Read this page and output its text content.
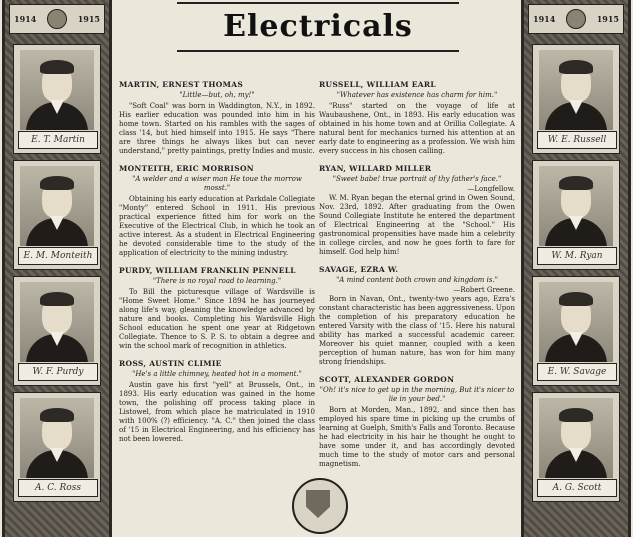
1914	1915
E. T. Martin
E. M. Monteith
W. F. Purdy
A. C. Ross
Electricals
MARTIN, ERNEST THOMAS
"Little—but, oh, my!"
"Soft Coal" was born in Waddington, N.Y., in 1892. His earlier education was pounded into him in his home town. Started on his rambles with the sages of class '14, but hied himself into 1915. He says "There are three things he always likes but can never understand," pretty paintings, pretty Indies and music.
MONTEITH, ERIC MORRISON
"A welder and a wiser man He toue the morrow mosst."
Obtaining his early education at Parkdale Collegiate "Monty" entered School in 1911. His previous practical experience fitted him for work on the Executive of the Electrical Club, in which he took an active interest. As a student in Electrical Engineering he devoted considerable time to the study of the application of electricity to the mining industry.
PURDY, WILLIAM FRANKLIN PENNELL
"There is no royal road to learning."
To Bill the picturesque village of Wardsville is "Home Sweet Home." Since 1894 he has journeyed along life's way, gleaning the knowledge advanced by nature and books. Completing his Wardsville High School education he spent one year at Ridgetown Collegiate. Thence to S. P. S. to obtain a degree and win the school mark of recognition in athletics.
ROSS, AUSTIN CLIMIE
"He's a little chimney, heated hot in a moment."
Austin gave his first "yell" at Brussels, Ont., in 1893. His early education was gained in the home town, the polishing off process taking place in Listowel, from which place he matriculated in 1910 with 100% (?) efficiency. "A. C." then joined the class of '15 in Electrical Engineering, and his efficiency has not been lowered.
RUSSELL, WILLIAM EARL
"Whatever has existence has charm for him."
"Russ" started on the voyage of life at Waubaushene, Ont., in 1893. His early education was obtained in his home town and at Orillia Collegiate. A natural bent for mechanics turned his attention at an early date to engineering as a profession. We wish him every success in his chosen calling.
RYAN, WILLARD MILLER
"Sweet babe! true portrait of thy father's face."
—Longfellow.
W. M. Ryan began the eternal grind in Owen Sound, Nov. 23rd, 1892. After graduating from the Owen Sound Collegiate Institute he entered the department of Electrical Engineering at the "School." His gastronomical propensities have made him a celebrity in college circles, and now he goes forth to fare for himself. God help him!
SAVAGE, EZRA W.
"A mind content both crown and kingdom is."
—Robert Greene.
Born in Navan, Ont., twenty-two years ago, Ezra's constant characteristic has been aggressiveness. Upon the completion of his preparatory education he entered Varsity with the class of '15. Here his natural ability has marked a successful academic career. Moreover his quiet manner, coupled with a keen perception of human nature, has won for him many strong friendships.
SCOTT, ALEXANDER GORDON
"Oh! it's nice to get up in the morning, But it's nicer to lie in your bed."
Born at Morden, Man., 1892, and since then has employed his spare time in picking up the crumbs of learning at Guelph, Smith's Falls and Toronto. Because he had electricity in his hair he thought he ought to have some under it, and has accordingly devoted much time to the study of motor cars and personal magnetism.
1914	1915
W. E. Russell
W. M. Ryan
E. W. Savage
A. G. Scott
